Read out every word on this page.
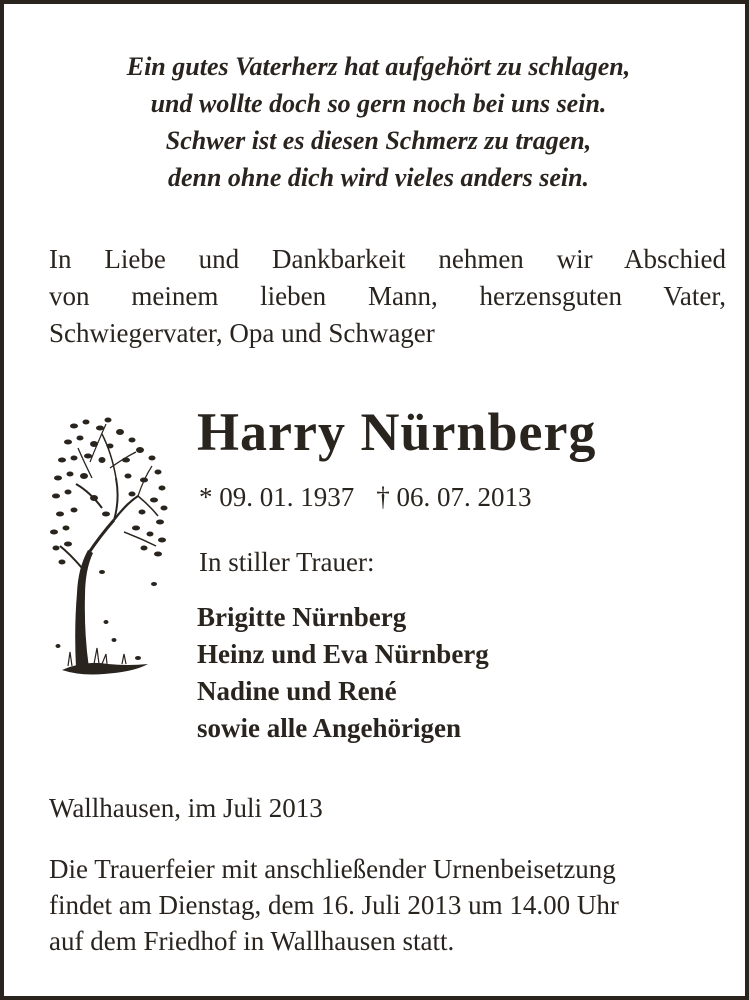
Ein gutes Vaterherz hat aufgehört zu schlagen,
und wollte doch so gern noch bei uns sein.
Schwer ist es diesen Schmerz zu tragen,
denn ohne dich wird vieles anders sein.
In Liebe und Dankbarkeit nehmen wir Abschied
von meinem lieben Mann, herzensguten Vater,
Schwiegervater, Opa und Schwager
Harry Nürnberg
* 09. 01. 1937 † 06. 07. 2013
In stiller Trauer:
Brigitte Nürnberg
Heinz und Eva Nürnberg
Nadine und René
sowie alle Angehörigen
Wallhausen, im Juli 2013
Die Trauerfeier mit anschließender Urnenbeisetzung
findet am Dienstag, dem 16. Juli 2013 um 14.00 Uhr
auf dem Friedhof in Wallhausen statt.
